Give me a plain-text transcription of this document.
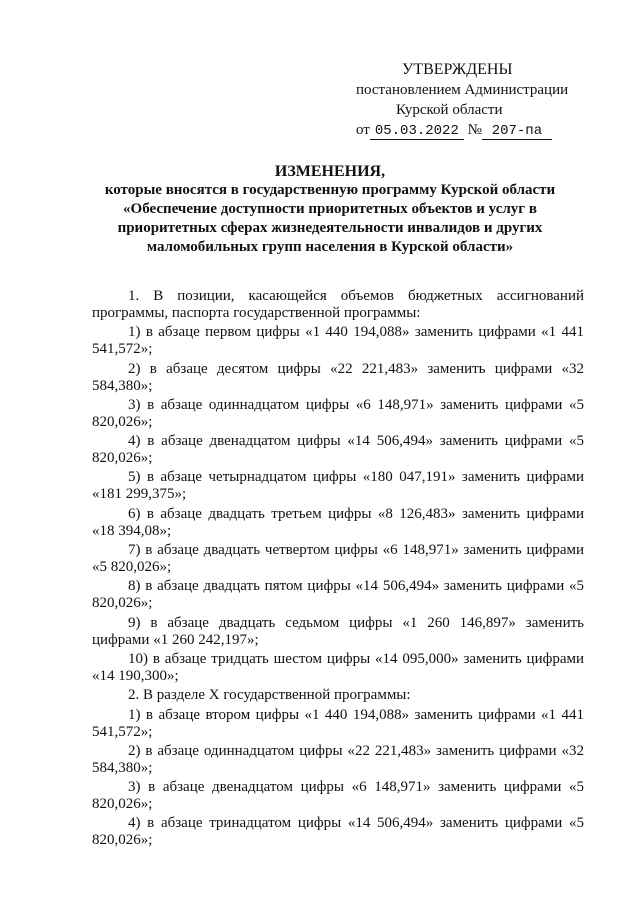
УТВЕРЖДЕНЫ
постановлением Администрации
Курской области
от 05.03.2022 № 207-па
ИЗМЕНЕНИЯ,
которые вносятся в государственную программу Курской области
«Обеспечение доступности приоритетных объектов и услуг в
приоритетных сферах жизнедеятельности инвалидов и других
маломобильных групп населения в Курской области»

1. В позиции, касающейся объемов бюджетных ассигнований программы, паспорта государственной программы:

1) в абзаце первом цифры «1 440 194,088» заменить цифрами «1 441 541,572»;

2) в абзаце десятом цифры «22 221,483» заменить цифрами «32 584,380»;

3) в абзаце одиннадцатом цифры «6 148,971» заменить цифрами «5 820,026»;

4) в абзаце двенадцатом цифры «14 506,494» заменить цифрами «5 820,026»;

5) в абзаце четырнадцатом цифры «180 047,191» заменить цифрами «181 299,375»;

6) в абзаце двадцать третьем цифры «8 126,483» заменить цифрами «18 394,08»;

7) в абзаце двадцать четвертом цифры «6 148,971» заменить цифрами «5 820,026»;

8) в абзаце двадцать пятом цифры «14 506,494» заменить цифрами «5 820,026»;

9) в абзаце двадцать седьмом цифры «1 260 146,897» заменить цифрами «1 260 242,197»;

10) в абзаце тридцать шестом цифры «14 095,000» заменить цифрами «14 190,300»;

2. В разделе X государственной программы:

1) в абзаце втором цифры «1 440 194,088» заменить цифрами «1 441 541,572»;

2) в абзаце одиннадцатом цифры «22 221,483» заменить цифрами «32 584,380»;

3) в абзаце двенадцатом цифры «6 148,971» заменить цифрами «5 820,026»;

4) в абзаце тринадцатом цифры «14 506,494» заменить цифрами «5 820,026»;
